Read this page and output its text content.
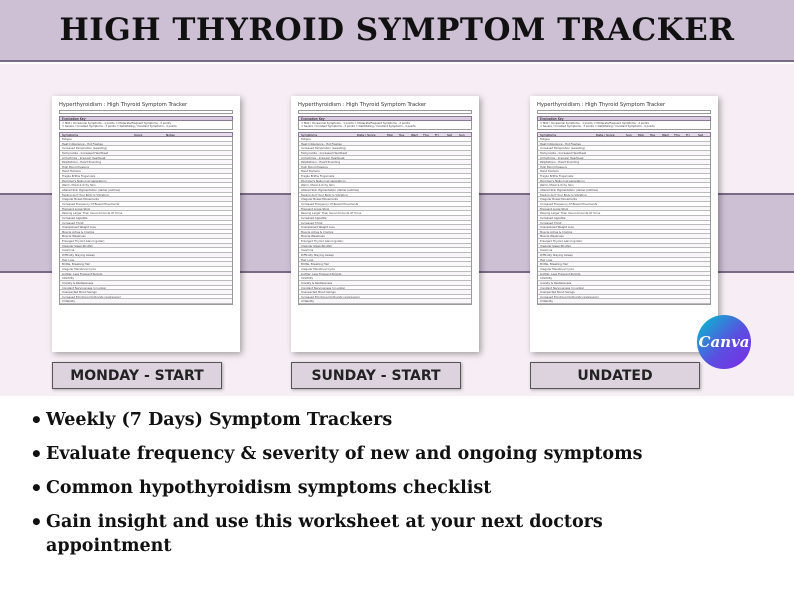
HIGH THYROID SYMPTOM TRACKER
Hyperthyroidism : High Thyroid Symptom Tracker
Evaluation Key
= Mild / Occasional Symptoms - 1 points = Moderate/Frequent Symptoms - 2 points
= Severe / Constant Symptoms - 3 points = Debilitating / Constant Symptoms - 4 points
Symptoms	Score	Notes
Fatigue
Heat Intolerance - Hot Flashes
Increased Perspiration (sweating)
Tachycardia - Increased Heartbeat
Arrhythmia - Irregular Heartbeat
Palpitations - Heart Pounding
High Blood Pressure
Hand Tremors
Fragile Brittle Fingernails
Plummer's Nails (nail separation)
Warm, Moist & Itchy Skin
Altered Skin Pigmentation (darker patches)
Feeling As If Your Body Is Vibrating
Irregular Bowel Movements
Increased Frequency Of Bowel Movements
Frequent Loose Stool
Passing Larger Than Usual Amounts Of Urine
Increased Appetite
Increased Thirst
Unexplained Weight Loss
Muscle Aches & Cramps
Muscle Weakness
Enlarged Thyroid Gland (goiter)
Irregular Sleep Rhythm
Insomnia
Difficulty Staying Asleep
Hair Loss
Brittle, Breaking Hair
Irregular Menstrual Cycle
Lighter, Less Frequent Periods
Infertility
Anxiety & Restlessness
Constant Nervousness (on edge)
Unexpected Mood Swings
Increased Emotional Outbursts (aggression)
Irritability
Hyperthyroidism : High Thyroid Symptom Tracker
Evaluation Key
= Mild / Occasional Symptoms - 1 points = Moderate/Frequent Symptoms - 2 points
= Severe / Constant Symptoms - 3 points = Debilitating / Constant Symptoms - 4 points
Symptoms	Date / Score	Mon	Tue	Wed	Thu	Fri	Sat	Sun
Fatigue
Heat Intolerance - Hot Flashes
Increased Perspiration (sweating)
Tachycardia - Increased Heartbeat
Arrhythmia - Irregular Heartbeat
Palpitations - Heart Pounding
High Blood Pressure
Hand Tremors
Fragile Brittle Fingernails
Plummer's Nails (nail separation)
Warm, Moist & Itchy Skin
Altered Skin Pigmentation (darker patches)
Feeling As If Your Body Is Vibrating
Irregular Bowel Movements
Increased Frequency Of Bowel Movements
Frequent Loose Stool
Passing Larger Than Usual Amounts Of Urine
Increased Appetite
Increased Thirst
Unexplained Weight Loss
Muscle Aches & Cramps
Muscle Weakness
Enlarged Thyroid Gland (goiter)
Irregular Sleep Rhythm
Insomnia
Difficulty Staying Asleep
Hair Loss
Brittle, Breaking Hair
Irregular Menstrual Cycle
Lighter, Less Frequent Periods
Infertility
Anxiety & Restlessness
Constant Nervousness (on edge)
Unexpected Mood Swings
Increased Emotional Outbursts (aggression)
Irritability
Hyperthyroidism : High Thyroid Symptom Tracker
Evaluation Key
= Mild / Occasional Symptoms - 1 points = Moderate/Frequent Symptoms - 2 points
= Severe / Constant Symptoms - 3 points = Debilitating / Constant Symptoms - 4 points
Symptoms	Date / Score	Sun	Mon	Tue	Wed	Thu	Fri	Sat
Fatigue
Heat Intolerance - Hot Flashes
Increased Perspiration (sweating)
Tachycardia - Increased Heartbeat
Arrhythmia - Irregular Heartbeat
Palpitations - Heart Pounding
High Blood Pressure
Hand Tremors
Fragile Brittle Fingernails
Plummer's Nails (nail separation)
Warm, Moist & Itchy Skin
Altered Skin Pigmentation (darker patches)
Feeling As If Your Body Is Vibrating
Irregular Bowel Movements
Increased Frequency Of Bowel Movements
Frequent Loose Stool
Passing Larger Than Usual Amounts Of Urine
Increased Appetite
Increased Thirst
Unexplained Weight Loss
Muscle Aches & Cramps
Muscle Weakness
Enlarged Thyroid Gland (goiter)
Irregular Sleep Rhythm
Insomnia
Difficulty Staying Asleep
Hair Loss
Brittle, Breaking Hair
Irregular Menstrual Cycle
Lighter, Less Frequent Periods
Infertility
Anxiety & Restlessness
Constant Nervousness (on edge)
Unexpected Mood Swings
Increased Emotional Outbursts (aggression)
Irritability
MONDAY - START	SUNDAY - START	UNDATED
Canva
• Weekly (7 Days) Symptom Trackers
• Evaluate frequency & severity of new and ongoing symptoms
• Common hypothyroidism symptoms checklist
• Gain insight and use this worksheet at your next doctors appointment
